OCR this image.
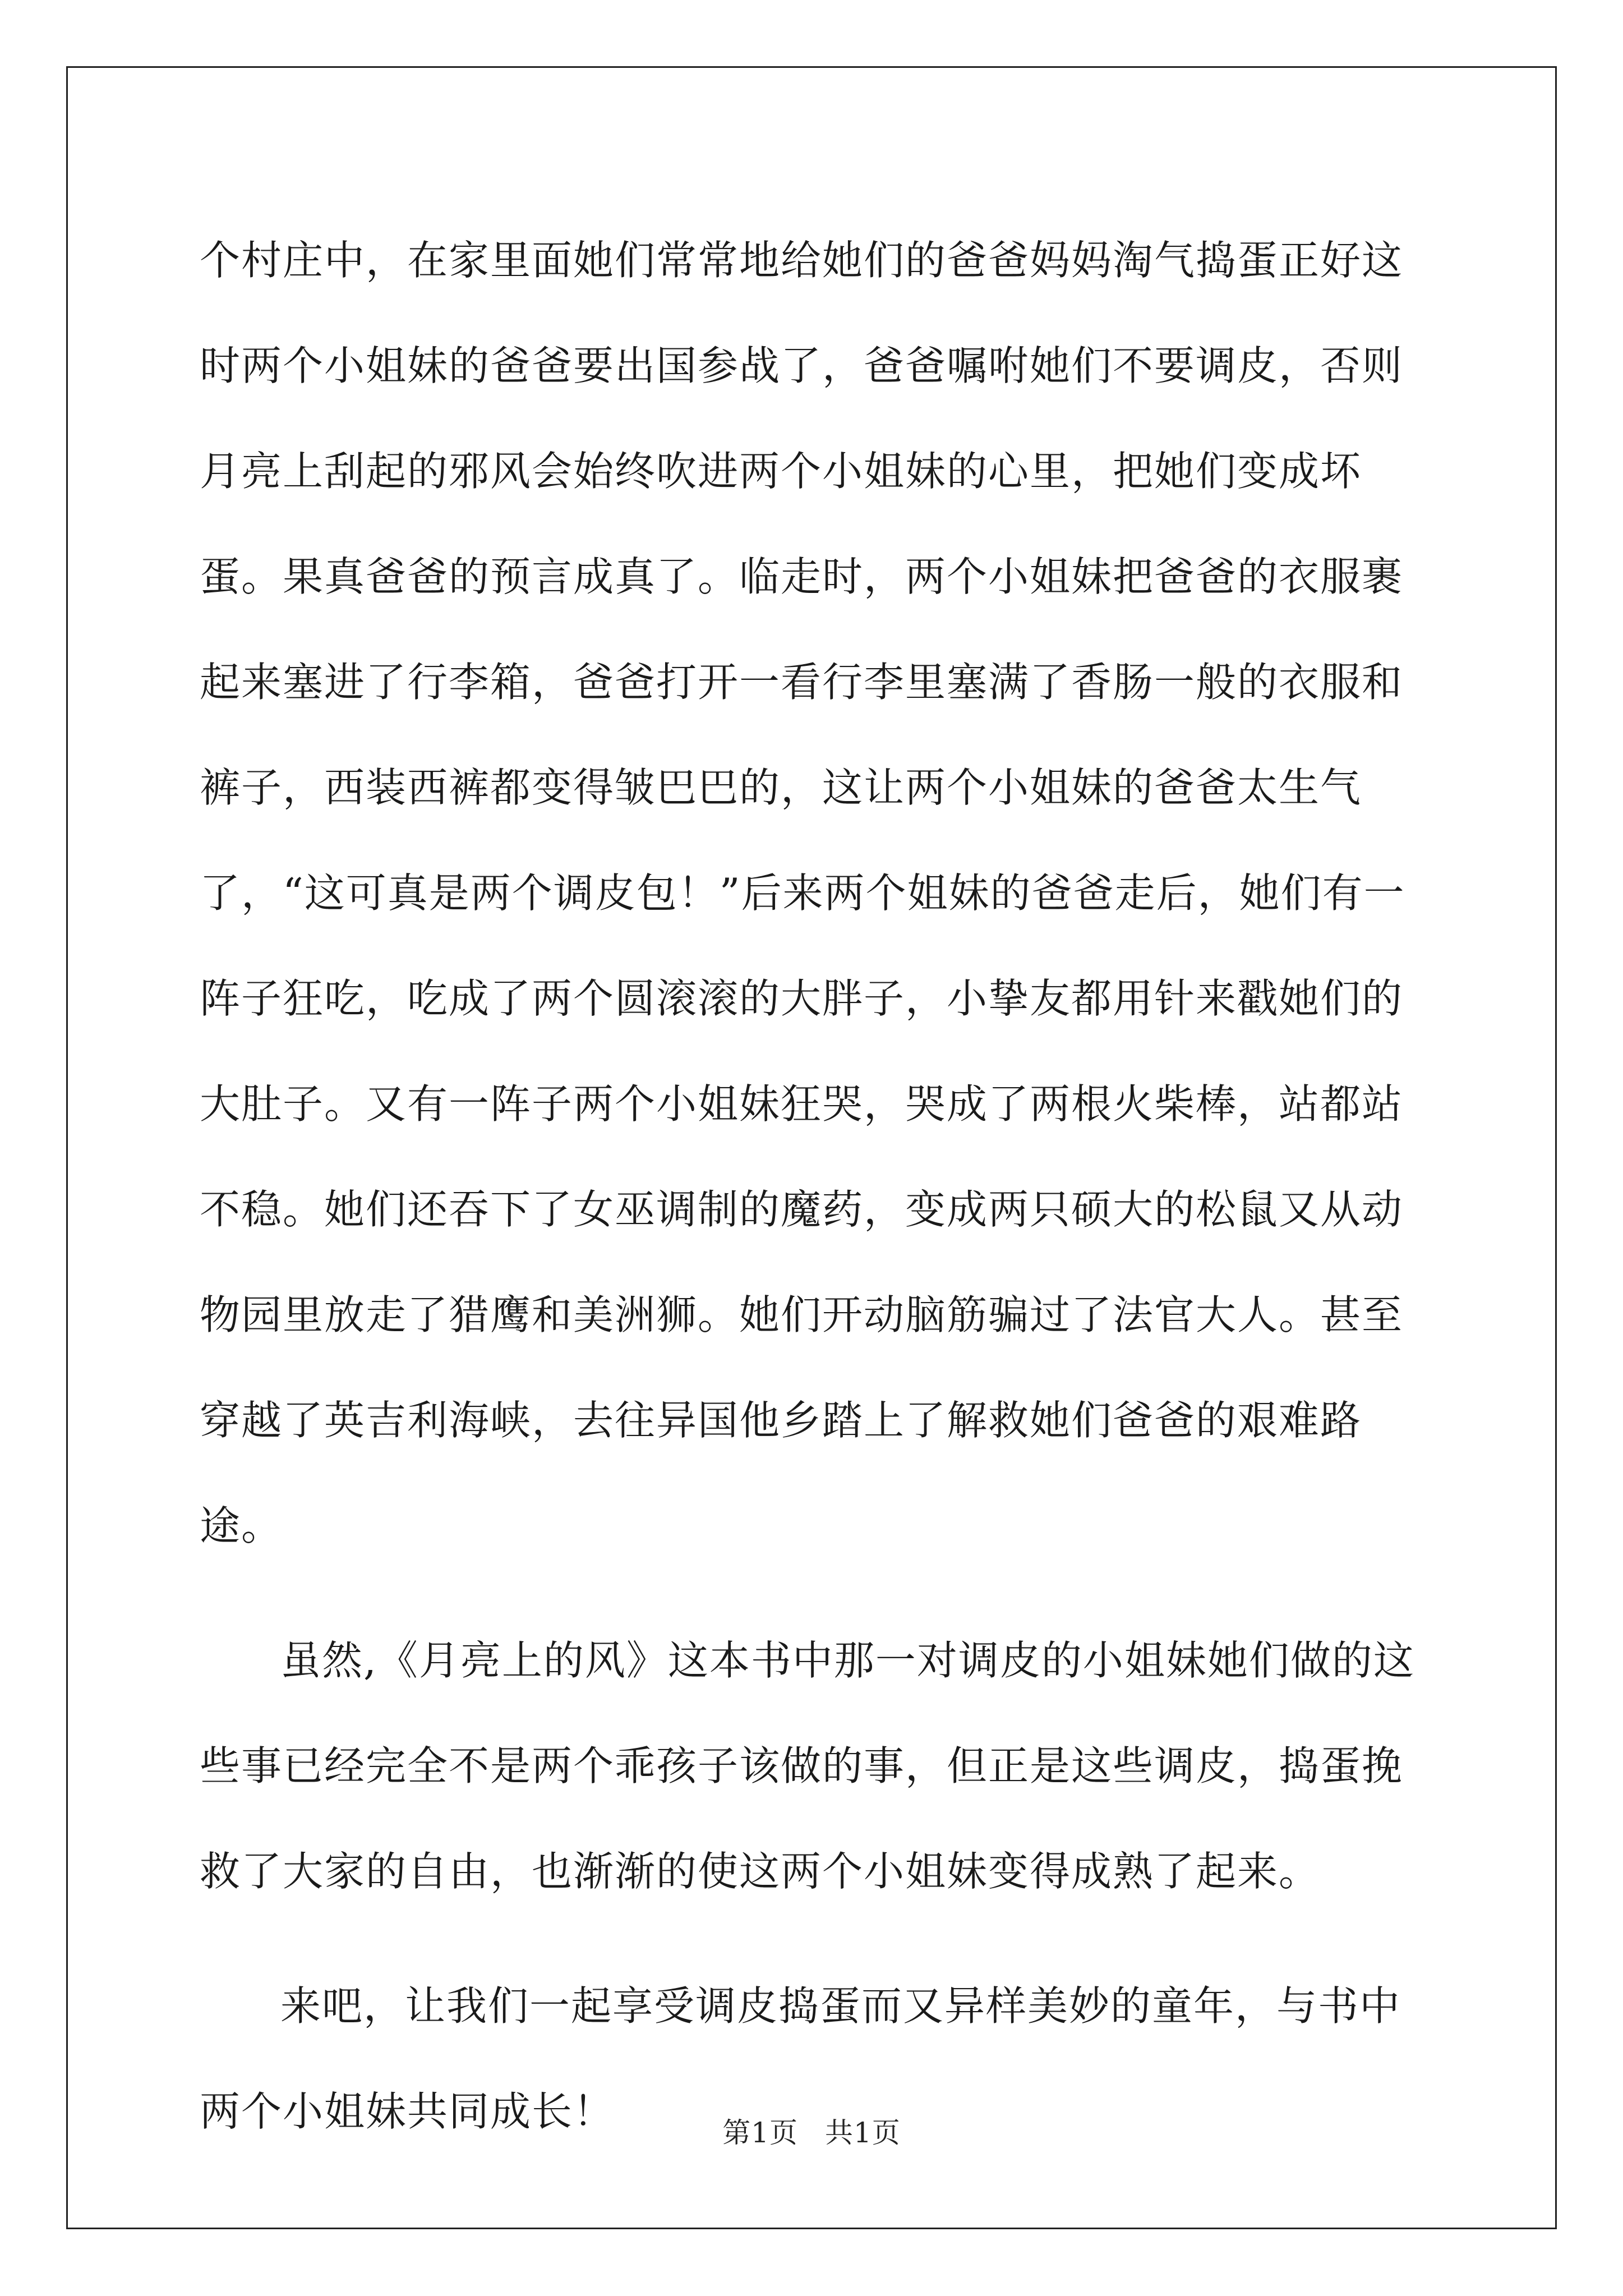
个村庄中，在家里面她们常常地给她们的爸爸妈妈淘气捣蛋正好这时两个小姐妹的爸爸要出国参战了，爸爸嘱咐她们不要调皮，否则月亮上刮起的邪风会始终吹进两个小姐妹的心里，把她们变成坏蛋。果真爸爸的预言成真了。临走时，两个小姐妹把爸爸的衣服裹起来塞进了行李箱，爸爸打开一看行李里塞满了香肠一般的衣服和裤子，西装西裤都变得皱巴巴的，这让两个小姐妹的爸爸太生气了，“这可真是两个调皮包！”后来两个姐妹的爸爸走后，她们有一阵子狂吃，吃成了两个圆滚滚的大胖子，小挚友都用针来戳她们的大肚子。又有一阵子两个小姐妹狂哭，哭成了两根火柴棒，站都站不稳。她们还吞下了女巫调制的魔药，变成两只硕大的松鼠又从动物园里放走了猎鹰和美洲狮。她们开动脑筋骗过了法官大人。甚至穿越了英吉利海峡，去往异国他乡踏上了解救她们爸爸的艰难路途。

虽然,《月亮上的风》这本书中那一对调皮的小姐妹她们做的这些事已经完全不是两个乖孩子该做的事，但正是这些调皮，捣蛋挽救了大家的自由，也渐渐的使这两个小姐妹变得成熟了起来。

来吧，让我们一起享受调皮捣蛋而又异样美妙的童年，与书中两个小姐妹共同成长！	第1页 共1页
